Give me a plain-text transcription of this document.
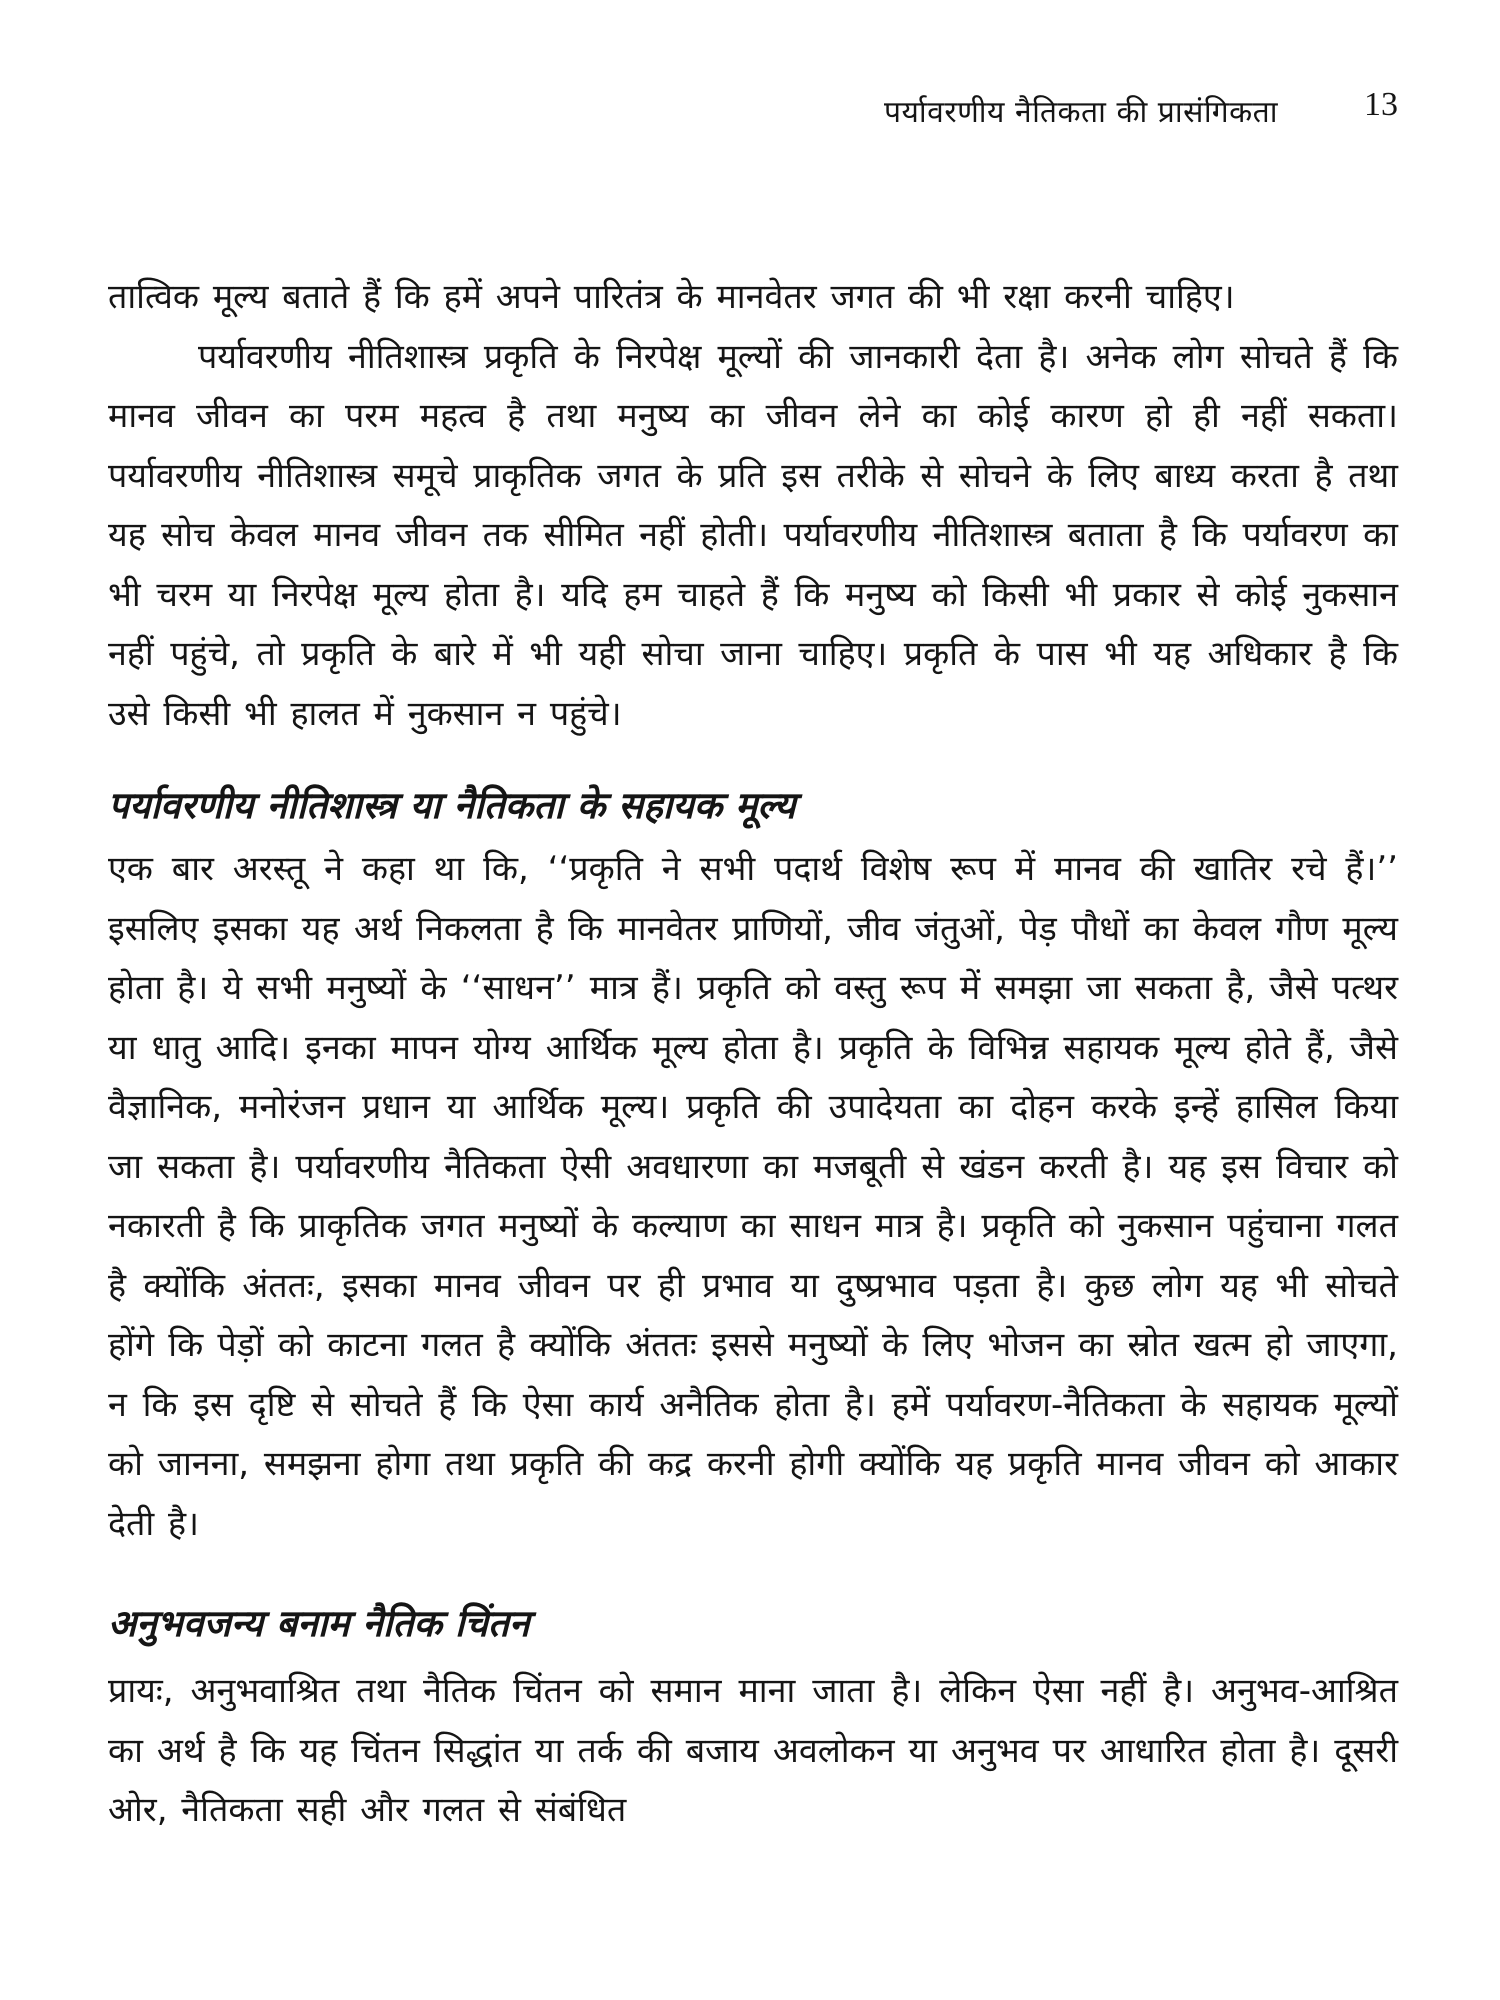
पर्यावरणीय नैतिकता की प्रासंगिकता	13

तात्विक मूल्य बताते हैं कि हमें अपने पारितंत्र के मानवेतर जगत की भी रक्षा करनी चाहिए।

पर्यावरणीय नीतिशास्त्र प्रकृति के निरपेक्ष मूल्यों की जानकारी देता है। अनेक लोग सोचते हैं कि मानव जीवन का परम महत्व है तथा मनुष्य का जीवन लेने का कोई कारण हो ही नहीं सकता। पर्यावरणीय नीतिशास्त्र समूचे प्राकृतिक जगत के प्रति इस तरीके से सोचने के लिए बाध्य करता है तथा यह सोच केवल मानव जीवन तक सीमित नहीं होती। पर्यावरणीय नीतिशास्त्र बताता है कि पर्यावरण का भी चरम या निरपेक्ष मूल्य होता है। यदि हम चाहते हैं कि मनुष्य को किसी भी प्रकार से कोई नुकसान नहीं पहुंचे, तो प्रकृति के बारे में भी यही सोचा जाना चाहिए। प्रकृति के पास भी यह अधिकार है कि उसे किसी भी हालत में नुकसान न पहुंचे।

पर्यावरणीय नीतिशास्त्र या नैतिकता के सहायक मूल्य

एक बार अरस्तू ने कहा था कि, ‘‘प्रकृति ने सभी पदार्थ विशेष रूप में मानव की खातिर रचे हैं।’’ इसलिए इसका यह अर्थ निकलता है कि मानवेतर प्राणियों, जीव जंतुओं, पेड़ पौधों का केवल गौण मूल्य होता है। ये सभी मनुष्यों के ‘‘साधन’’ मात्र हैं। प्रकृति को वस्तु रूप में समझा जा सकता है, जैसे पत्थर या धातु आदि। इनका मापन योग्य आर्थिक मूल्य होता है। प्रकृति के विभिन्न सहायक मूल्य होते हैं, जैसे वैज्ञानिक, मनोरंजन प्रधान या आर्थिक मूल्य। प्रकृति की उपादेयता का दोहन करके इन्हें हासिल किया जा सकता है। पर्यावरणीय नैतिकता ऐसी अवधारणा का मजबूती से खंडन करती है। यह इस विचार को नकारती है कि प्राकृतिक जगत मनुष्यों के कल्याण का साधन मात्र है। प्रकृति को नुकसान पहुंचाना गलत है क्योंकि अंततः, इसका मानव जीवन पर ही प्रभाव या दुष्प्रभाव पड़ता है। कुछ लोग यह भी सोचते होंगे कि पेड़ों को काटना गलत है क्योंकि अंततः इससे मनुष्यों के लिए भोजन का स्रोत खत्म हो जाएगा, न कि इस दृष्टि से सोचते हैं कि ऐसा कार्य अनैतिक होता है। हमें पर्यावरण-नैतिकता के सहायक मूल्यों को जानना, समझना होगा तथा प्रकृति की कद्र करनी होगी क्योंकि यह प्रकृति मानव जीवन को आकार देती है।

अनुभवजन्य बनाम नैतिक चिंतन

प्रायः, अनुभवाश्रित तथा नैतिक चिंतन को समान माना जाता है। लेकिन ऐसा नहीं है। अनुभव-आश्रित का अर्थ है कि यह चिंतन सिद्धांत या तर्क की बजाय अवलोकन या अनुभव पर आधारित होता है। दूसरी ओर, नैतिकता सही और गलत से संबंधित
